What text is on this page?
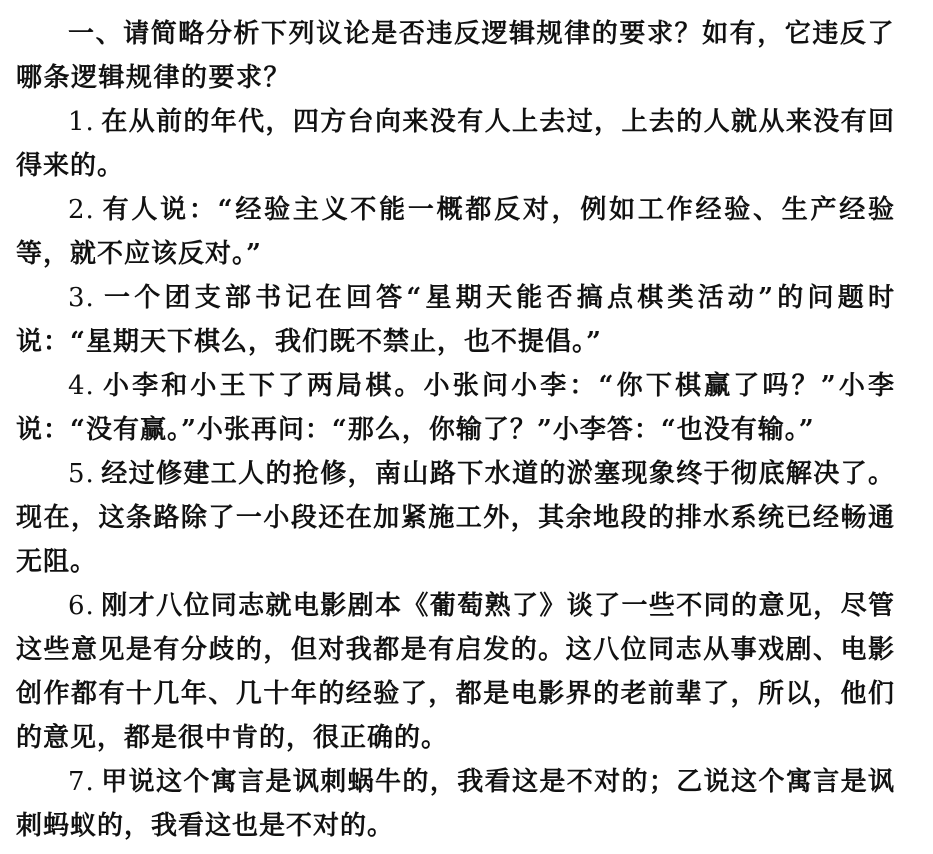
一、请简略分析下列议论是否违反逻辑规律的要求？如有，它违反了哪条逻辑规律的要求？

1. 在从前的年代，四方台向来没有人上去过，上去的人就从来没有回得来的。

2. 有人说：“经验主义不能一概都反对，例如工作经验、生产经验等，就不应该反对。”

3. 一个团支部书记在回答“星期天能否搞点棋类活动”的问题时说：“星期天下棋么，我们既不禁止，也不提倡。”

4. 小李和小王下了两局棋。小张问小李：“你下棋赢了吗？”小李说：“没有赢。”小张再问：“那么，你输了？”小李答：“也没有输。”

5. 经过修建工人的抢修，南山路下水道的淤塞现象终于彻底解决了。现在，这条路除了一小段还在加紧施工外，其余地段的排水系统已经畅通无阻。

6. 刚才八位同志就电影剧本《葡萄熟了》谈了一些不同的意见，尽管这些意见是有分歧的，但对我都是有启发的。这八位同志从事戏剧、电影创作都有十几年、几十年的经验了，都是电影界的老前辈了，所以，他们的意见，都是很中肯的，很正确的。

7. 甲说这个寓言是讽刺蜗牛的，我看这是不对的；乙说这个寓言是讽刺蚂蚁的，我看这也是不对的。
